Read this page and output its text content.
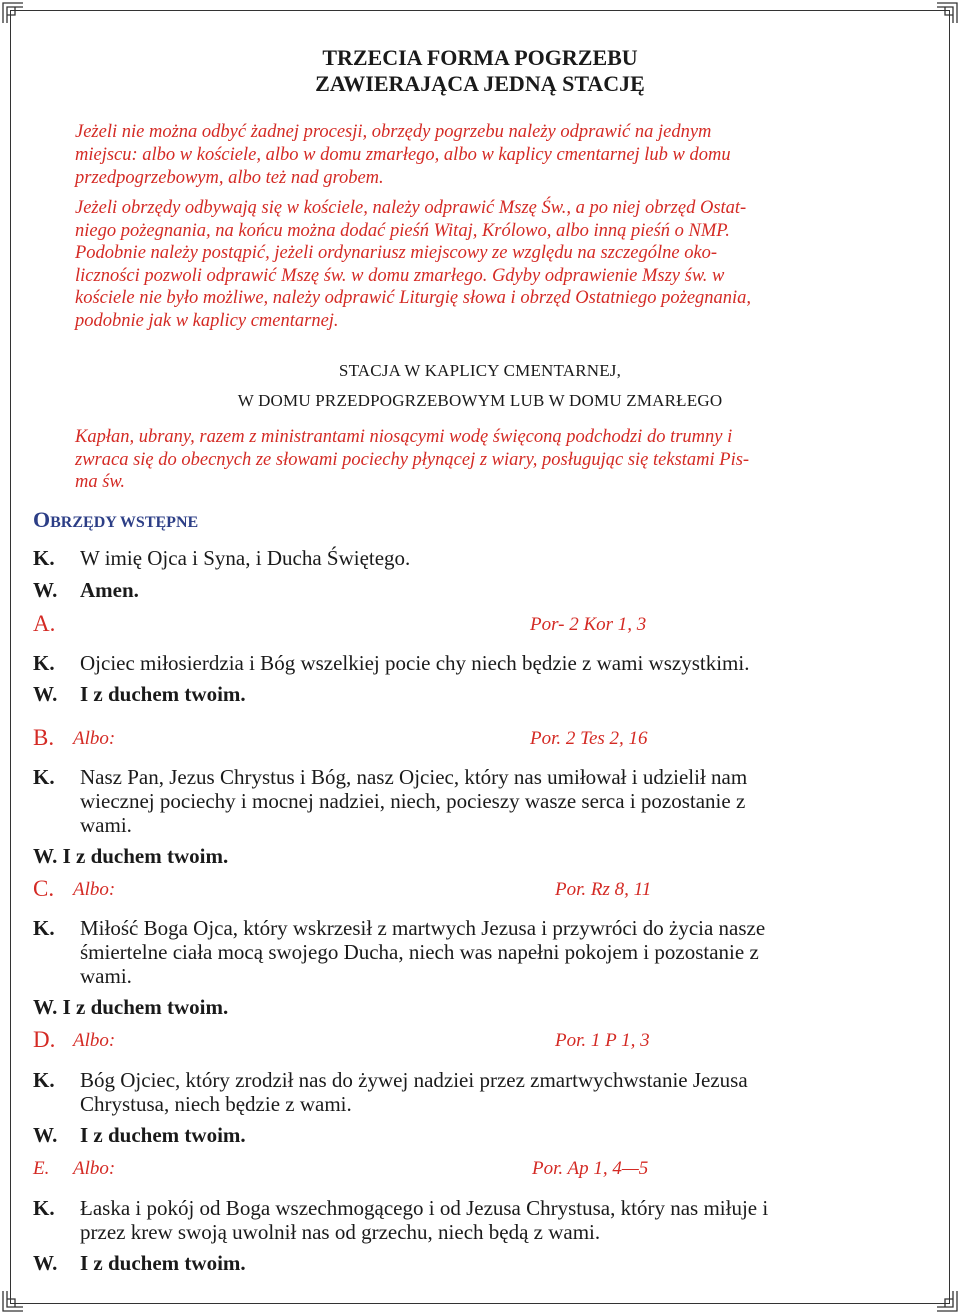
TRZECIA FORMA POGRZEBU
ZAWIERAJĄCA JEDNĄ STACJĘ
Jeżeli nie można odbyć żadnej procesji, obrzędy pogrzebu należy odprawić na jednym
miejscu: albo w kościele, albo w domu zmarłego, albo w kaplicy cmentarnej lub w domu
przedpogrzebowym, albo też nad grobem.
Jeżeli obrzędy odbywają się w kościele, należy odprawić Mszę Św., a po niej obrzęd Ostat-
niego pożegnania, na końcu można dodać pieśń Witaj, Królowo, albo inną pieśń o NMP.
Podobnie należy postąpić, jeżeli ordynariusz miejscowy ze względu na szczególne oko-
liczności pozwoli odprawić Mszę św. w domu zmarłego. Gdyby odprawienie Mszy św. w
kościele nie było możliwe, należy odprawić Liturgię słowa i obrzęd Ostatniego pożegnania,
podobnie jak w kaplicy cmentarnej.
STACJA W KAPLICY CMENTARNEJ,
W DOMU PRZEDPOGRZEBOWYM LUB W DOMU ZMARŁEGO
Kapłan, ubrany, razem z ministrantami niosącymi wodę święconą podchodzi do trumny i
zwraca się do obecnych ze słowami pociechy płynącej z wiary, posługując się tekstami Pis-
ma św.
OBRZĘDY WSTĘPNE
K. W imię Ojca i Syna, i Ducha Świętego.
W. Amen.
A.	Por- 2 Kor 1, 3
K. Ojciec miłosierdzia i Bóg wszelkiej pocie chy niech będzie z wami wszystkimi.
W. I z duchem twoim.
B. Albo:	Por. 2 Tes 2, 16
K. Nasz Pan, Jezus Chrystus i Bóg, nasz Ojciec, który nas umiłował i udzielił nam
wiecznej pociechy i mocnej nadziei, niech, pocieszy wasze serca i pozostanie z
wami.
W. I z duchem twoim.
C. Albo:	Por. Rz 8, 11
K. Miłość Boga Ojca, który wskrzesił z martwych Jezusa i przywróci do życia nasze
śmiertelne ciała mocą swojego Ducha, niech was napełni pokojem i pozostanie z
wami.
W. I z duchem twoim.
D. Albo:	Por. 1 P 1, 3
K. Bóg Ojciec, który zrodził nas do żywej nadziei przez zmartwychwstanie Jezusa
Chrystusa, niech będzie z wami.
W. I z duchem twoim.
E. Albo:	Por. Ap 1, 4—5
K. Łaska i pokój od Boga wszechmogącego i od Jezusa Chrystusa, który nas miłuje i
przez krew swoją uwolnił nas od grzechu, niech będą z wami.
W. I z duchem twoim.
